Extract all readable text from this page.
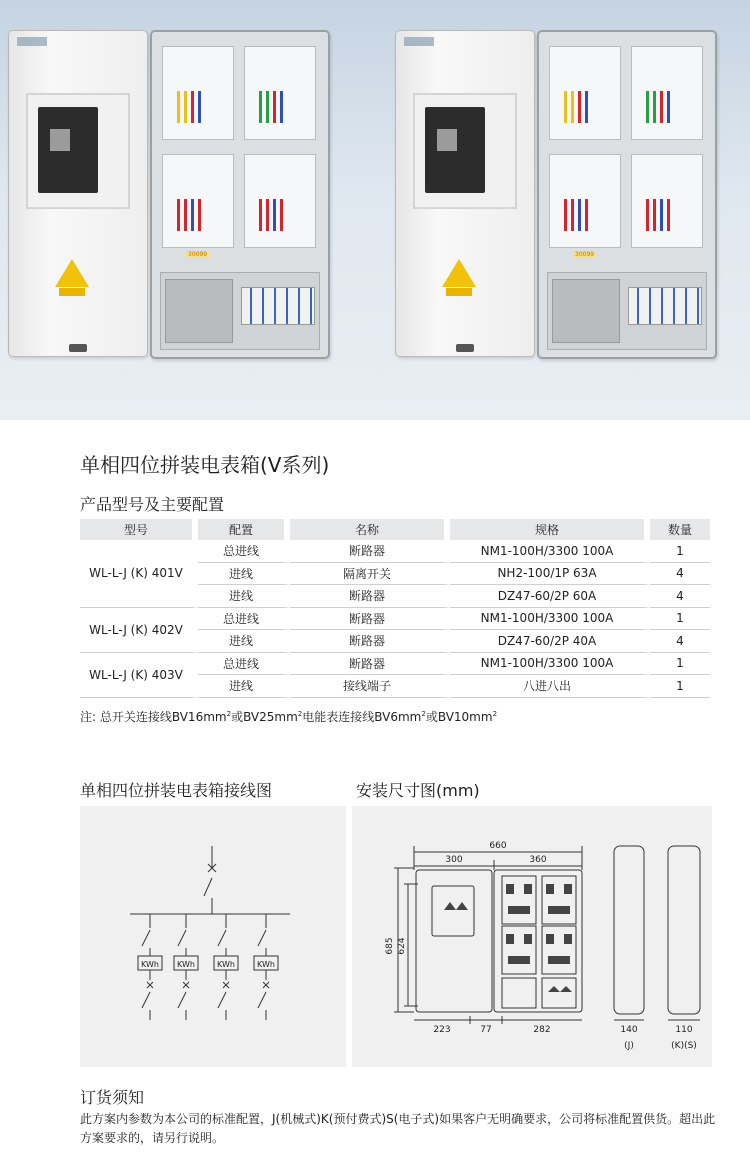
30099	30099
单相四位拼装电表箱(V系列)
产品型号及主要配置
型号	配置	名称	规格	数量
WL-L-J (K) 401V	总进线	断路器	NM1-100H/3300 100A	1
	进线	隔离开关	NH2-100/1P 63A	4
	进线	断路器	DZ47-60/2P 60A	4
WL-L-J (K) 402V	总进线	断路器	NM1-100H/3300 100A	1
	进线	断路器	DZ47-60/2P 40A	4
WL-L-J (K) 403V	总进线	断路器	NM1-100H/3300 100A	1
	进线	接线端子	八进八出	1
注: 总开关连接线$BV16mm^2$或$BV25mm^2$电能表连接线$BV6mm^2$或$BV10mm^2$
单相四位拼装电表箱接线图	安装尺寸图(mm)
KWh KWh	KWh	KWh
660
300	360
685 624
223	77	282	140	110
(J)	(K)(S)
订货须知
此方案内参数为本公司的标准配置，J(机械式)K(预付费式)S(电子式)如果客户无明确要求，公司将标准配置供货。超出此方案要求的，请另行说明。
